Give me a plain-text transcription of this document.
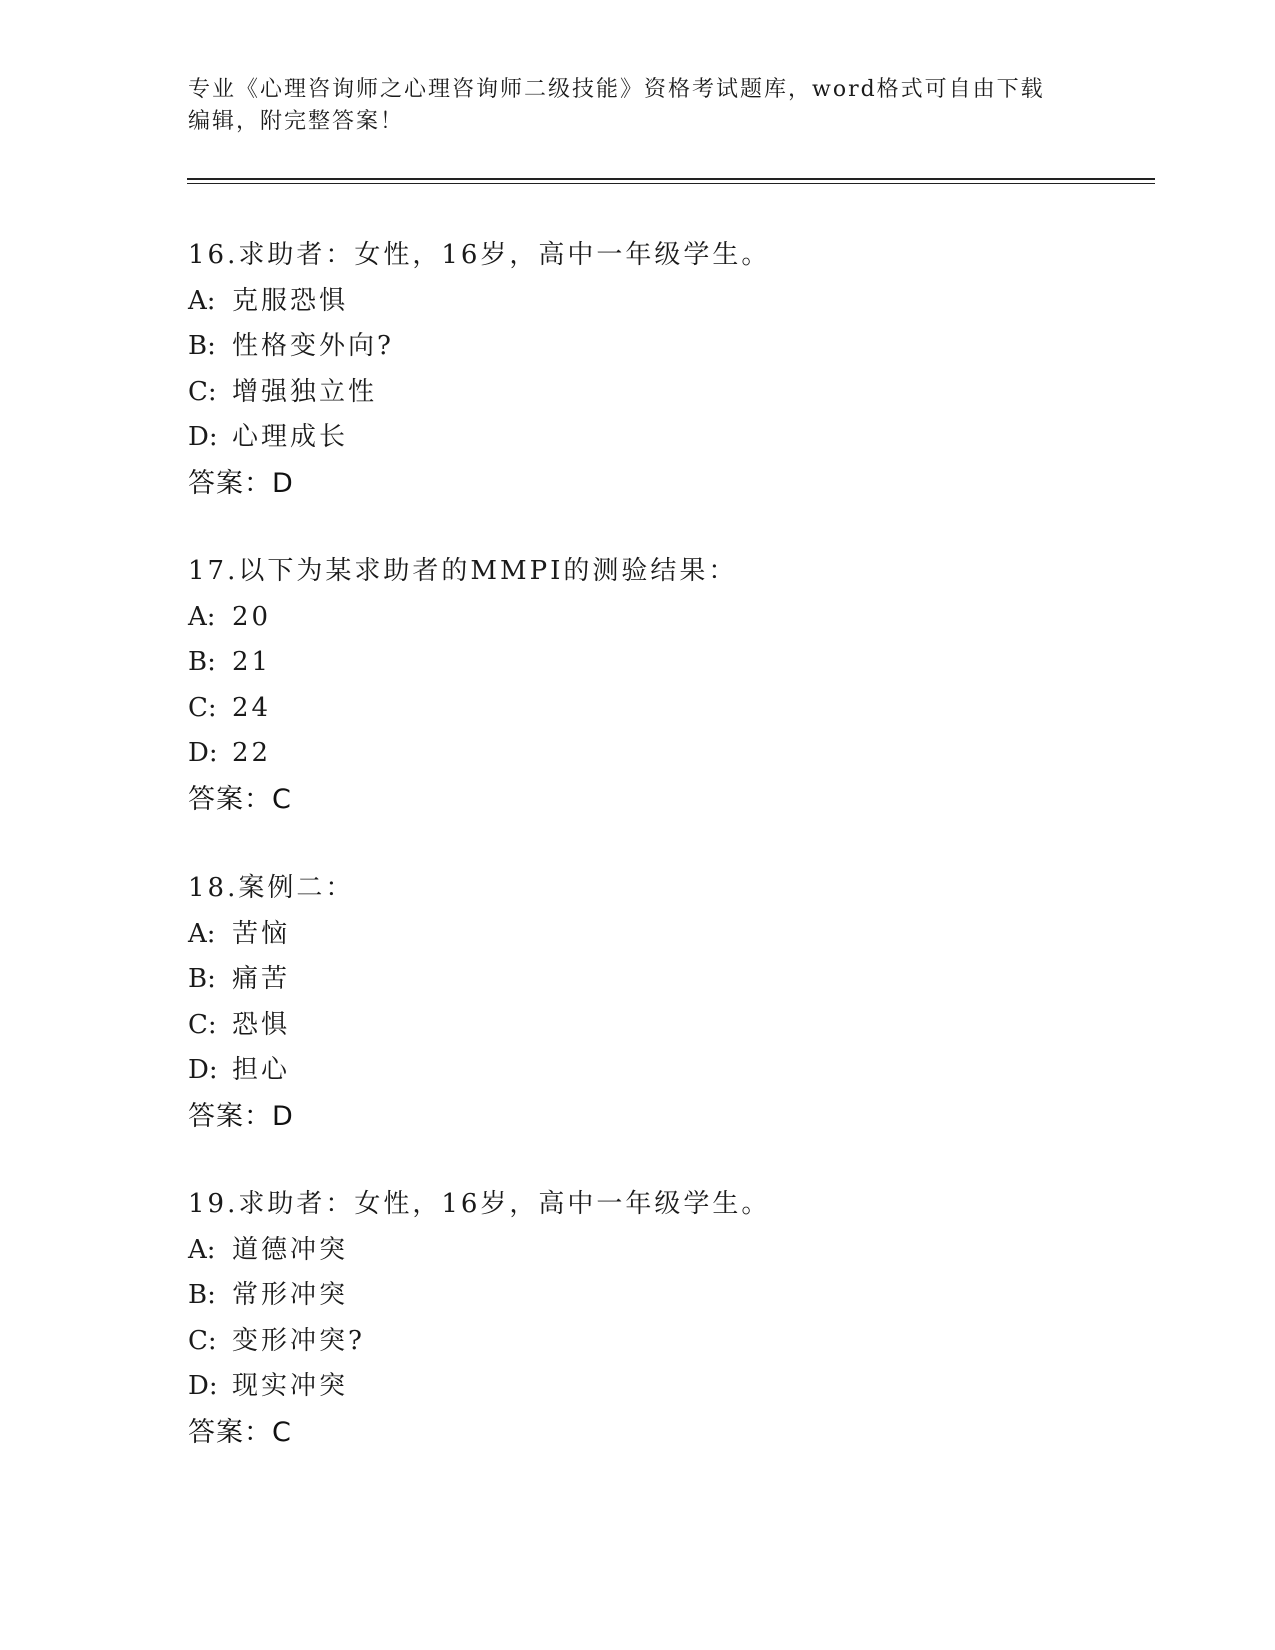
专业《心理咨询师之心理咨询师二级技能》资格考试题库，word格式可自由下载
编辑，附完整答案！
16.求助者：女性，16岁，高中一年级学生。
A: 克服恐惧
B: 性格变外向?
C: 增强独立性
D: 心理成长
答案：D
17.以下为某求助者的MMPI的测验结果：
A: 20
B: 21
C: 24
D: 22
答案：C
18.案例二：
A: 苦恼
B: 痛苦
C: 恐惧
D: 担心
答案：D
19.求助者：女性，16岁，高中一年级学生。
A: 道德冲突
B: 常形冲突
C: 变形冲突?
D: 现实冲突
答案：C
